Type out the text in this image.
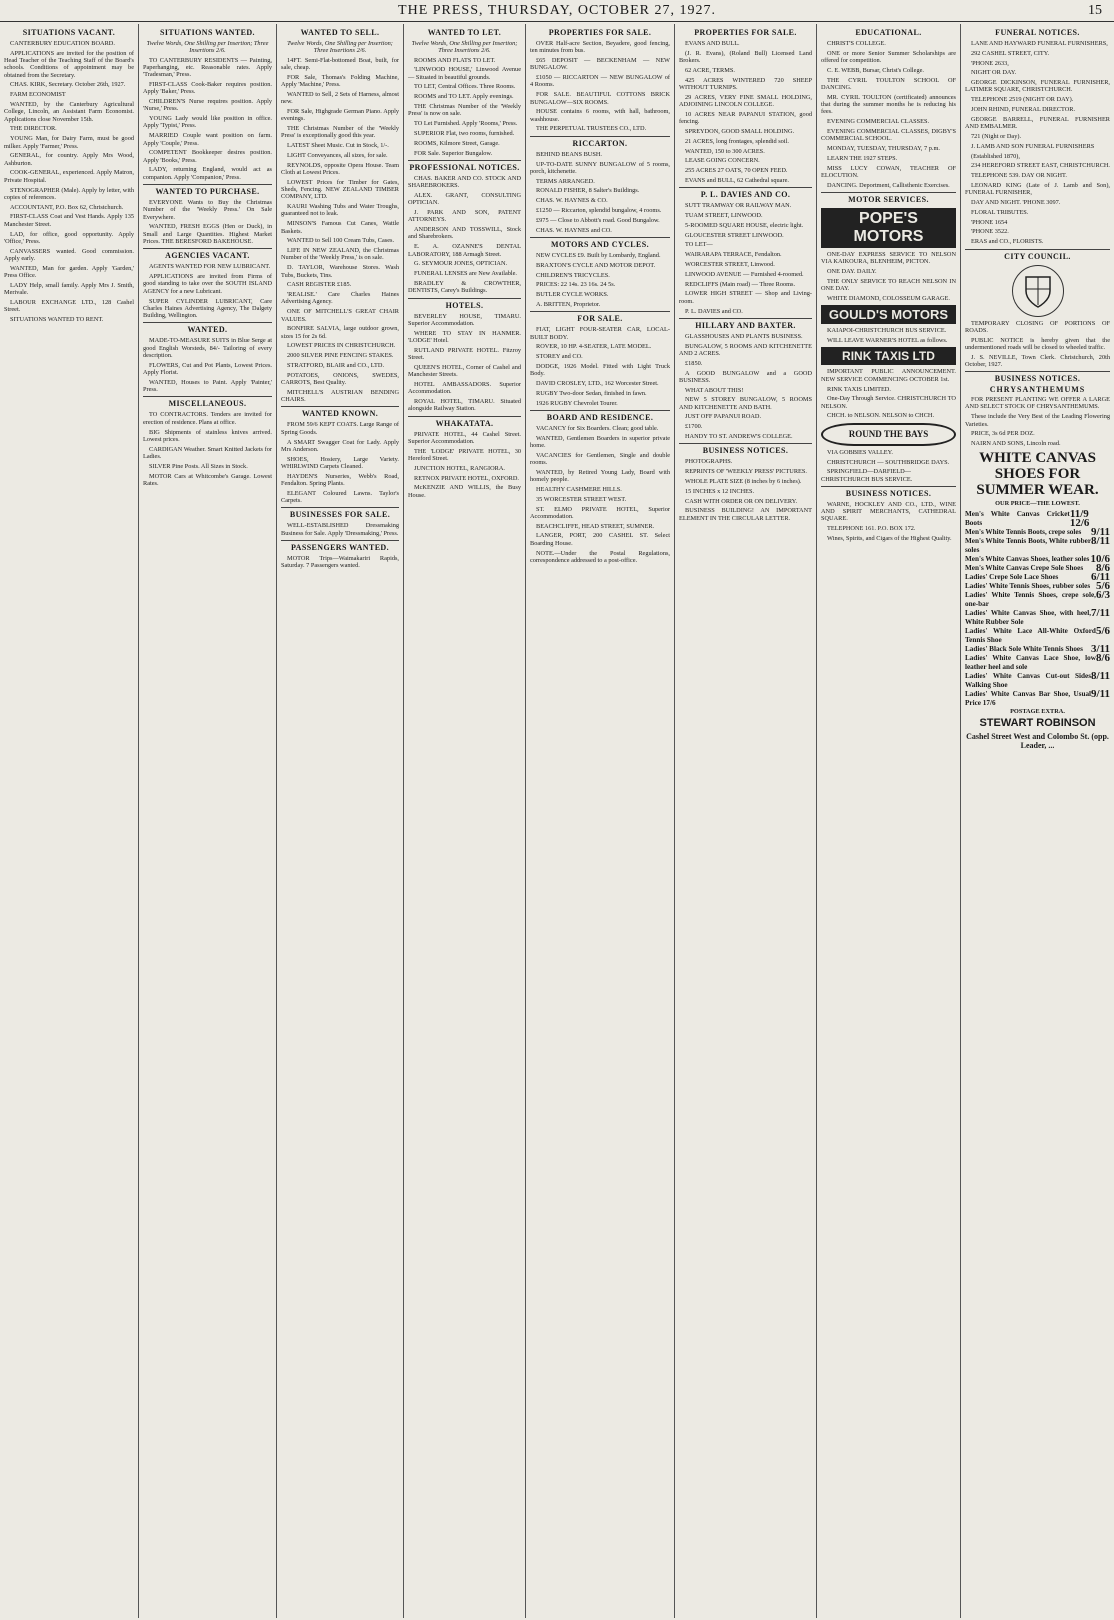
THE PRESS, THURSDAY, OCTOBER 27, 1927.	15
SITUATIONS VACANT.
CANTERBURY EDUCATION BOARD.
APPLICATIONS are invited for the position of Head Teacher of the Teaching Staff of the Board's schools. Conditions of appointment may be obtained from the Secretary.
CHAS. KIRK, Secretary. October 26th, 1927.
FARM ECONOMIST
WANTED, by the Canterbury Agricultural College, Lincoln, an Assistant Farm Economist. Applications close November 15th.
THE DIRECTOR.
YOUNG Man, for Dairy Farm, must be good milker. Apply 'Farmer,' Press.
GENERAL, for country. Apply Mrs Wood, Ashburton.
COOK-GENERAL, experienced. Apply Matron, Private Hospital.
STENOGRAPHER (Male). Apply by letter, with copies of references.
ACCOUNTANT, P.O. Box 62, Christchurch.
FIRST-CLASS Coat and Vest Hands. Apply 135 Manchester Street.
LAD, for office, good opportunity. Apply 'Office,' Press.
CANVASSERS wanted. Good commission. Apply early.
WANTED, Man for garden. Apply 'Garden,' Press Office.
LADY Help, small family. Apply Mrs J. Smith, Merivale.
LABOUR EXCHANGE LTD., 128 Cashel Street.
SITUATIONS WANTED TO RENT.
SITUATIONS WANTED.
Twelve Words, One Shilling per Insertion; Three Insertions 2/6.
TO CANTERBURY RESIDENTS — Painting, Paperhanging, etc. Reasonable rates. Apply 'Tradesman,' Press.
FIRST-CLASS Cook-Baker requires position. Apply 'Baker,' Press.
CHILDREN'S Nurse requires position. Apply 'Nurse,' Press.
YOUNG Lady would like position in office. Apply 'Typist,' Press.
MARRIED Couple want position on farm. Apply 'Couple,' Press.
COMPETENT Bookkeeper desires position. Apply 'Books,' Press.
LADY, returning England, would act as companion. Apply 'Companion,' Press.
WANTED TO PURCHASE.
EVERYONE Wants to Buy the Christmas Number of the 'Weekly Press.' On Sale Everywhere.
WANTED, FRESH EGGS (Hen or Duck), in Small and Large Quantities. Highest Market Prices. THE BERESFORD BAKEHOUSE.
AGENCIES VACANT.
AGENTS WANTED FOR NEW LUBRICANT.
APPLICATIONS are invited from Firms of good standing to take over the SOUTH ISLAND AGENCY for a new Lubricant.
SUPER CYLINDER LUBRICANT, Care Charles Haines Advertising Agency, The Dalgety Building, Wellington.
WANTED.
MADE-TO-MEASURE SUITS in Blue Serge at good English Worsteds, 84/- Tailoring of every description.
FLOWERS, Cut and Pot Plants, Lowest Prices. Apply Florist.
WANTED, Houses to Paint. Apply 'Painter,' Press.
MISCELLANEOUS.
TO CONTRACTORS. Tenders are invited for erection of residence. Plans at office.
BIG Shipments of stainless knives arrived. Lowest prices.
CARDIGAN Weather. Smart Knitted Jackets for Ladies.
SILVER Pine Posts. All Sizes in Stock.
MOTOR Cars at Whitcombe's Garage. Lowest Rates.
WANTED TO SELL.
Twelve Words, One Shilling per Insertion; Three Insertions 2/6.
14FT. Semi-Flat-bottomed Boat, built, for sale, cheap.
FOR Sale, Thomas's Folding Machine, Apply 'Machine,' Press.
WANTED to Sell, 2 Sets of Harness, almost new.
FOR Sale, Highgrade German Piano. Apply evenings.
THE Christmas Number of the 'Weekly Press' is exceptionally good this year.
LATEST Sheet Music. Cut in Stock, 1/-.
LIGHT Conveyances, all sizes, for sale.
REYNOLDS, opposite Opera House. Team Cloth at Lowest Prices.
LOWEST Prices for Timber for Gates, Sheds, Fencing. NEW ZEALAND TIMBER COMPANY, LTD.
KAURI Washing Tubs and Water Troughs, guaranteed not to leak.
MINSON'S Famous Cut Canes, Wattle Baskets.
WANTED to Sell 100 Cream Tubs, Cases.
LIFE IN NEW ZEALAND, the Christmas Number of the 'Weekly Press,' is on sale.
D. TAYLOR, Warehouse Stores. Wash Tubs, Buckets, Tins.
CASH REGISTER £185.
'REALISE.' Care Charles Haines Advertising Agency.
ONE OF MITCHELL'S GREAT CHAIR VALUES.
BONFIRE SALVIA, large outdoor grown, sizes 15 for 2s 6d.
LOWEST PRICES IN CHRISTCHURCH.
2000 SILVER PINE FENCING STAKES.
STRATFORD, BLAIR and CO., LTD.
POTATOES, ONIONS, SWEDES, CARROTS, Best Quality.
MITCHELL'S AUSTRIAN BENDING CHAIRS.
WANTED KNOWN.
FROM 59/6 KEPT COATS. Large Range of Spring Goods.
A SMART Swagger Coat for Lady. Apply Mrs Anderson.
SHOES, Hosiery, Large Variety. WHIRLWIND Carpets Cleaned.
HAYDEN'S Nurseries, Webb's Road, Fendalton. Spring Plants.
ELEGANT Coloured Lawns. Taylor's Carpets.
BUSINESSES FOR SALE.
WELL-ESTABLISHED Dressmaking Business for Sale. Apply 'Dressmaking,' Press.
PASSENGERS WANTED.
MOTOR Trips—Waimakariri Rapids, Saturday. 7 Passengers wanted.
WANTED TO LET.
Twelve Words, One Shilling per Insertion; Three Insertions 2/6.
ROOMS AND FLATS TO LET.
'LINWOOD HOUSE,' Linwood Avenue — Situated in beautiful grounds.
TO LET, Central Offices. Three Rooms.
ROOMS and TO LET. Apply evenings.
THE Christmas Number of the 'Weekly Press' is now on sale.
TO Let Furnished. Apply 'Rooms,' Press.
SUPERIOR Flat, two rooms, furnished.
ROOMS, Kilmore Street, Garage.
FOR Sale. Superior Bungalow.
PROFESSIONAL NOTICES.
CHAS. BAKER AND CO. STOCK AND SHAREBROKERS.
ALEX. GRANT, CONSULTING OPTICIAN.
J. PARK AND SON, PATENT ATTORNEYS.
ANDERSON AND TOSSWILL, Stock and Sharebrokers.
E. A. OZANNE'S DENTAL LABORATORY, 188 Armagh Street.
G. SEYMOUR JONES, OPTICIAN.
FUNERAL LENSES are New Available.
BRADLEY & CROWTHER, DENTISTS, Carey's Buildings.
HOTELS.
BEVERLEY HOUSE, TIMARU. Superior Accommodation.
WHERE TO STAY IN HANMER. 'LODGE' Hotel.
RUTLAND PRIVATE HOTEL. Fitzroy Street.
QUEEN'S HOTEL, Corner of Cashel and Manchester Streets.
HOTEL AMBASSADORS. Superior Accommodation.
ROYAL HOTEL, TIMARU. Situated alongside Railway Station.
WHAKATATA.
PRIVATE HOTEL, 44 Cashel Street. Superior Accommodation.
THE 'LODGE' PRIVATE HOTEL, 30 Hereford Street.
JUNCTION HOTEL, RANGIORA.
RETNOX PRIVATE HOTEL, OXFORD.
McKENZIE AND WILLIS, the Busy House.
PROPERTIES FOR SALE.
OVER Half-acre Section, Beyadere, good fencing, ten minutes from bus.
£65 DEPOSIT — BECKENHAM — NEW BUNGALOW.
£1050 — RICCARTON — NEW BUNGALOW of 4 Rooms.
FOR SALE. BEAUTIFUL COTTONS BRICK BUNGALOW—SIX ROOMS.
HOUSE contains 6 rooms, with hall, bathroom, washhouse.
THE PERPETUAL TRUSTEES CO., LTD.
RICCARTON.
BEHIND BEANS BUSH.
UP-TO-DATE SUNNY BUNGALOW of 5 rooms, porch, kitchenette.
TERMS ARRANGED.
RONALD FISHER, 8 Salter's Buildings.
CHAS. W. HAYNES & CO.
£1250 — Riccarton, splendid bungalow, 4 rooms.
£975 — Close to Abbott's road. Good Bungalow.
CHAS. W. HAYNES and CO.
MOTORS AND CYCLES.
NEW CYCLES £9. Built by Lombardy, England.
BRAXTON'S CYCLE AND MOTOR DEPOT.
CHILDREN'S TRICYCLES.
PRICES: 22 14s. 23 16s. 24 5s.
BUTLER CYCLE WORKS.
A. BRITTEN, Proprietor.
FOR SALE.
FIAT, LIGHT FOUR-SEATER CAR, LOCAL-BUILT BODY.
ROVER, 10 HP. 4-SEATER, LATE MODEL.
STOREY and CO.
DODGE, 1926 Model. Fitted with Light Truck Body.
DAVID CROSLEY, LTD., 162 Worcester Street.
RUGBY Two-door Sedan, finished in fawn.
1926 RUGBY Chevrolet Tourer.
BOARD AND RESIDENCE.
VACANCY for Six Boarders. Clean; good table.
WANTED, Gentlemen Boarders in superior private home.
VACANCIES for Gentlemen, Single and double rooms.
WANTED, by Retired Young Lady, Board with homely people.
HEALTHY CASHMERE HILLS.
35 WORCESTER STREET WEST.
ST. ELMO PRIVATE HOTEL, Superior Accommodation.
BEACHCLIFFE, HEAD STREET, SUMNER.
LANGER, PORT, 200 CASHEL ST. Select Boarding House.
NOTE.—Under the Postal Regulations, correspondence addressed to a post-office.
PROPERTIES FOR SALE.
EVANS AND BULL.
(J. R. Evans), (Roland Bull) Licensed Land Brokers.
62 ACRE, TERMS.
425 ACRES WINTERED 720 SHEEP WITHOUT TURNIPS.
29 ACRES, VERY FINE SMALL HOLDING, ADJOINING LINCOLN COLLEGE.
10 ACRES NEAR PAPANUI STATION, good fencing.
SPREYDON, GOOD SMALL HOLDING.
21 ACRES, long frontages, splendid soil.
WANTED, 150 to 300 ACRES.
LEASE GOING CONCERN.
255 ACRES 27 OATS, 70 OPEN FEED.
EVANS and BULL, 62 Cathedral square.
P. L. DAVIES AND CO.
SUTT TRAMWAY OR RAILWAY MAN.
TUAM STREET, LINWOOD.
5-ROOMED SQUARE HOUSE, electric light.
GLOUCESTER STREET LINWOOD.
TO LET—
WAIRARAPA TERRACE, Fendalton.
WORCESTER STREET, Linwood.
LINWOOD AVENUE — Furnished 4-roomed.
REDCLIFFS (Main road) — Three Rooms.
LOWER HIGH STREET — Shop and Living-room.
P. L. DAVIES and CO.
HILLARY AND BAXTER.
GLASSHOUSES AND PLANTS BUSINESS.
BUNGALOW, 5 ROOMS AND KITCHENETTE AND 2 ACRES.
£1850.
A GOOD BUNGALOW and a GOOD BUSINESS.
WHAT ABOUT THIS!
NEW 5 STOREY BUNGALOW, 5 ROOMS AND KITCHENETTE AND BATH.
JUST OFF PAPANUI ROAD.
£1700.
HANDY TO ST. ANDREW'S COLLEGE.
BUSINESS NOTICES.
PHOTOGRAPHS.
REPRINTS OF 'WEEKLY PRESS' PICTURES.
WHOLE PLATE SIZE (8 inches by 6 inches).
15 INCHES x 12 INCHES.
CASH WITH ORDER OR ON DELIVERY.
BUSINESS BUILDING! AN IMPORTANT ELEMENT IN THE CIRCULAR LETTER.
EDUCATIONAL.
CHRIST'S COLLEGE.
ONE or more Senior Summer Scholarships are offered for competition.
C. E. WEBB, Bursar, Christ's College.
THE CYRIL TOULTON SCHOOL OF DANCING.
MR. CYRIL TOULTON (certificated) announces that during the summer months he is reducing his fees.
EVENING COMMERCIAL CLASSES.
EVENING COMMERCIAL CLASSES, DIGBY'S COMMERCIAL SCHOOL.
MONDAY, TUESDAY, THURSDAY, 7 p.m.
LEARN THE 1927 STEPS.
MISS LUCY COWAN, TEACHER OF ELOCUTION.
DANCING. Deportment, Callisthenic Exercises.
MOTOR SERVICES.
POPE'S MOTORS
ONE-DAY EXPRESS SERVICE TO NELSON VIA KAIKOURA, BLENHEIM, PICTON.
ONE DAY. DAILY.
THE ONLY SERVICE TO REACH NELSON IN ONE DAY.
WHITE DIAMOND, COLOSSEUM GARAGE.
GOULD'S MOTORS
KAIAPOI-CHRISTCHURCH BUS SERVICE.
WILL LEAVE WARNER'S HOTEL as follows.
RINK TAXIS LTD
IMPORTANT PUBLIC ANNOUNCEMENT. NEW SERVICE COMMENCING OCTOBER 1st.
RINK TAXIS LIMITED.
One-Day Through Service. CHRISTCHURCH TO NELSON.
CHCH. to NELSON. NELSON to CHCH.
ROUND THE BAYS
VIA GOBBIES VALLEY.
CHRISTCHURCH — SOUTHBRIDGE DAYS.
SPRINGFIELD—DARFIELD—CHRISTCHURCH BUS SERVICE.
BUSINESS NOTICES.
WARNE, HOCKLEY AND CO., LTD., WINE AND SPIRIT MERCHANTS, CATHEDRAL SQUARE.
TELEPHONE 161. P.O. BOX 172.
Wines, Spirits, and Cigars of the Highest Quality.
FUNERAL NOTICES.
LANE AND HAYWARD FUNERAL FURNISHERS,
292 CASHEL STREET, CITY.
'PHONE 2633,
NIGHT OR DAY.
GEORGE DICKINSON, FUNERAL FURNISHER, LATIMER SQUARE, CHRISTCHURCH.
TELEPHONE 2519 (NIGHT OR DAY).
JOHN RHIND, FUNERAL DIRECTOR.
GEORGE BARRELL, FUNERAL FURNISHER AND EMBALMER.
721 (Night or Day).
J. LAMB AND SON FUNERAL FURNISHERS
(Established 1870),
234 HEREFORD STREET EAST, CHRISTCHURCH.
TELEPHONE 539. DAY OR NIGHT.
LEONARD KING (Late of J. Lamb and Son), FUNERAL FURNISHER,
DAY AND NIGHT. 'PHONE 3097.
FLORAL TRIBUTES.
'PHONE 1654
'PHONE 3522.
ERAS and CO., FLORISTS.
CITY COUNCIL.
TEMPORARY CLOSING OF PORTIONS OF ROADS.
PUBLIC NOTICE is hereby given that the undermentioned roads will be closed to wheeled traffic.
J. S. NEVILLE, Town Clerk. Christchurch, 20th October, 1927.
BUSINESS NOTICES.
CHRYSANTHEMUMS
FOR PRESENT PLANTING WE OFFER A LARGE AND SELECT STOCK OF CHRYSANTHEMUMS.
These include the Very Best of the Leading Flowering Varieties.
PRICE, 3s 6d PER DOZ.
NAIRN AND SONS, Lincoln road.
WHITE CANVAS SHOES FOR SUMMER WEAR.
OUR PRICE—THE LOWEST.
Men's White Canvas Cricket Boots
11/9 12/6
Men's White Tennis Boots, crepe soles 9/11
Men's White Tennis Boots, White rubber soles
8/11
Men's White Canvas Shoes, leather soles 10/6
Men's White Canvas Crepe Sole Shoes 8/6
Ladies' Crepe Sole Lace Shoes	6/11
Ladies' White Tennis Shoes, rubber soles 5/6
Ladies' White Tennis Shoes, crepe sole, one-bar
6/3
Ladies' White Canvas Shoe, with heel, White Rubber Sole
7/11
Ladies' White Lace All-White Oxford Tennis Shoe
5/6
Ladies' Black Sole White Tennis Shoes 3/11
Ladies' White Canvas Lace Shoe, low leather heel and sole
8/6
Ladies' White Canvas Cut-out Sides Walking Shoe
8/11
Ladies' White Canvas Bar Shoe, Usual Price 17/6
9/11
POSTAGE EXTRA.
STEWART ROBINSON
Cashel Street West and Colombo St. (opp. Leader, ...
